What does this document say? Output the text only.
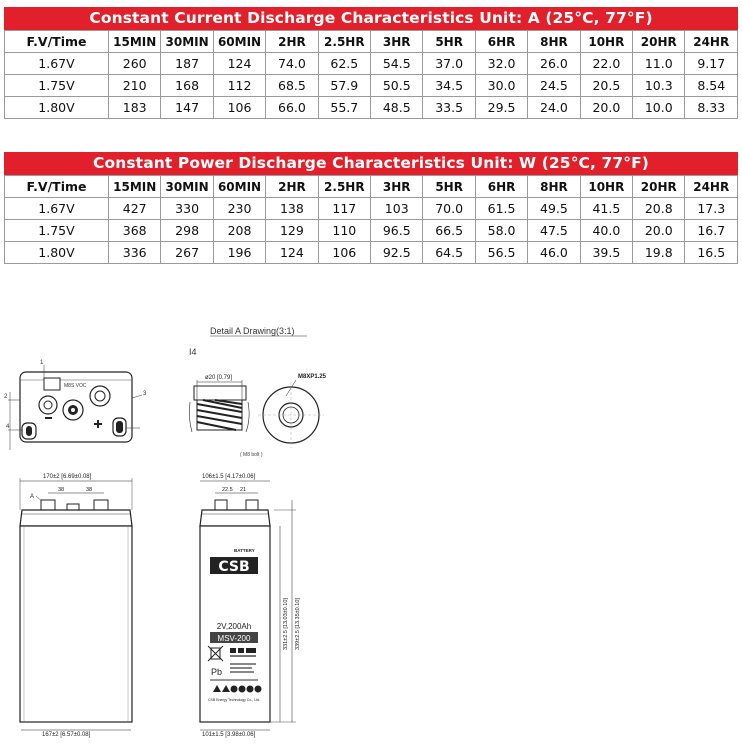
Constant Current Discharge Characteristics Unit: A (25°C, 77°F)
F.V/Time	15MIN	30MIN	60MIN	2HR	2.5HR	3HR	5HR	6HR	8HR	10HR	20HR	24HR
1.67V	260	187	124	74.0	62.5	54.5	37.0	32.0	26.0	22.0	11.0	9.17
1.75V	210	168	112	68.5	57.9	50.5	34.5	30.0	24.5	20.5	10.3	8.54
1.80V	183	147	106	66.0	55.7	48.5	33.5	29.5	24.0	20.0	10.0	8.33
Constant Power Discharge Characteristics Unit: W (25°C, 77°F)
F.V/Time	15MIN	30MIN	60MIN	2HR	2.5HR	3HR	5HR	6HR	8HR	10HR	20HR	24HR
1.67V	427	330	230	138	117	103	70.0	61.5	49.5	41.5	20.8	17.3
1.75V	368	298	208	129	110	96.5	66.5	58.0	47.5	40.0	20.0	16.7
1.80V	336	267	196	124	106	92.5	64.5	56.5	46.0	39.5	19.8	16.5
Detail A Drawing(3:1)
I4
M8S VOC
1
2	3
4
ø20 [0.79]	M8XP1.25
( M8 bolt )
170±2 [6.69±0.08]
38	38
A
167±2 [6.57±0.08]
106±1.5 [4.17±0.06]
22.5 21
CSB
BATTERY
2V,200Ah
MSV-200
Pb
CSB Energy Technology Co., Ltd.
101±1.5 [3.98±0.06]
331±2.5 [13.03±0.10] 339±2.5 [13.35±0.10]
